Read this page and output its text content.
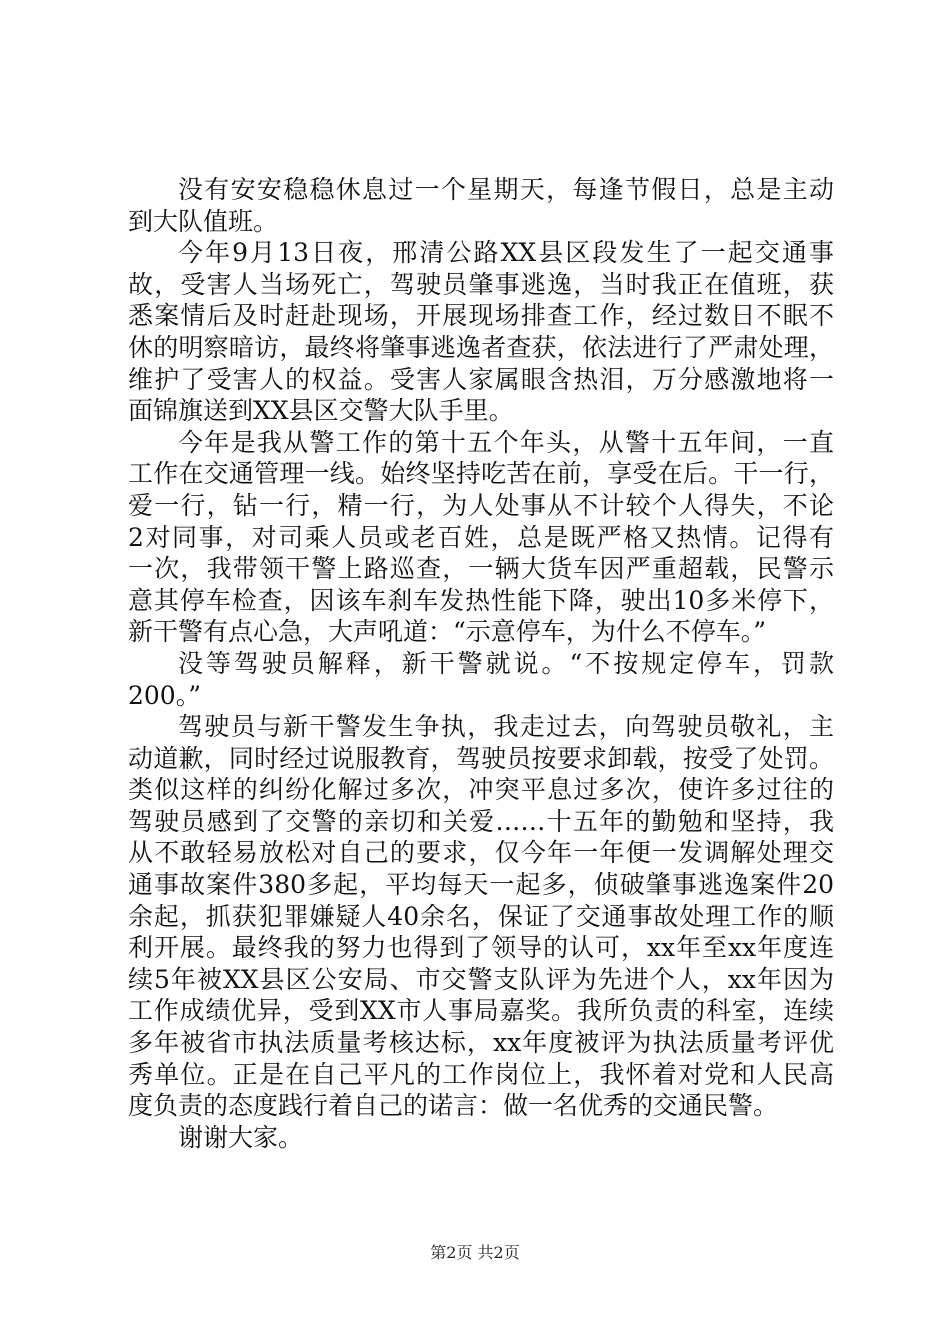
没有安安稳稳休息过一个星期天，每逢节假日，总是主动
到大队值班。
今年9月13日夜，邢清公路XX县区段发生了一起交通事
故，受害人当场死亡，驾驶员肇事逃逸，当时我正在值班，获
悉案情后及时赶赴现场，开展现场排查工作，经过数日不眠不
休的明察暗访，最终将肇事逃逸者查获，依法进行了严肃处理，
维护了受害人的权益。受害人家属眼含热泪，万分感激地将一
面锦旗送到XX县区交警大队手里。
今年是我从警工作的第十五个年头，从警十五年间，一直
工作在交通管理一线。始终坚持吃苦在前，享受在后。干一行，
爱一行，钻一行，精一行，为人处事从不计较个人得失，不论
2对同事，对司乘人员或老百姓，总是既严格又热情。记得有
一次，我带领干警上路巡查，一辆大货车因严重超载，民警示
意其停车检查，因该车刹车发热性能下降，驶出10多米停下，
新干警有点心急，大声吼道：“示意停车，为什么不停车。”
没等驾驶员解释，新干警就说。“不按规定停车，罚款
200。”
驾驶员与新干警发生争执，我走过去，向驾驶员敬礼，主
动道歉，同时经过说服教育，驾驶员按要求卸载，按受了处罚。
类似这样的纠纷化解过多次，冲突平息过多次，使许多过往的
驾驶员感到了交警的亲切和关爱……十五年的勤勉和坚持，我
从不敢轻易放松对自己的要求，仅今年一年便一发调解处理交
通事故案件380多起，平均每天一起多，侦破肇事逃逸案件20
余起，抓获犯罪嫌疑人40余名，保证了交通事故处理工作的顺
利开展。最终我的努力也得到了领导的认可，xx年至xx年度连
续5年被XX县区公安局、市交警支队评为先进个人，xx年因为
工作成绩优异，受到XX市人事局嘉奖。我所负责的科室，连续
多年被省市执法质量考核达标，xx年度被评为执法质量考评优
秀单位。正是在自己平凡的工作岗位上，我怀着对党和人民高
度负责的态度践行着自己的诺言：做一名优秀的交通民警。
谢谢大家。
第2页 共2页
